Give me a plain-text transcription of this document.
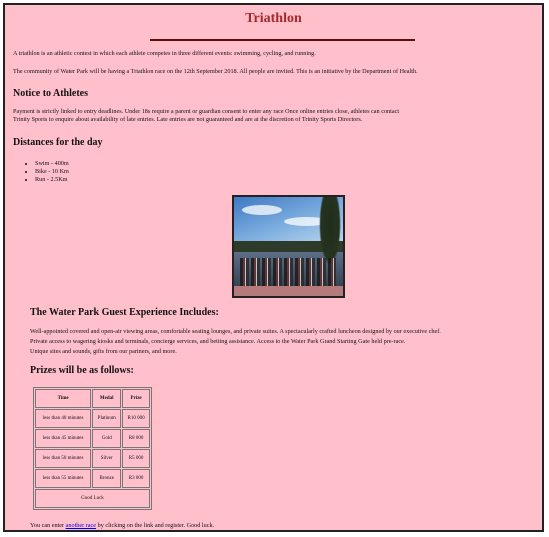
Triathlon
A triathlon is an athletic contest in which each athlete competes in three different events: swimming, cycling, and running.
The community of Water Park will be having a Triathlon race on the 12th September 2018. All people are invited. This is an initiative by the Department of Health.
Notice to Athletes
Payment is strictly linked to entry deadlines. Under 18s require a parent or guardian consent to enter any race Once online entries close, athletes can contact
Trinity Sports to enquire about availability of late entries. Late entries are not guaranteed and are at the discretion of Trinity Sports Directors.
Distances for the day
• Swim - 400m
• Bike - 10 Km
• Run - 2.5Km
The Water Park Guest Experience Includes:
Well-appointed covered and open-air viewing areas, comfortable seating lounges, and private suites. A spectacularly crafted luncheon designed by our executive chef.
Private access to wagering kiosks and terminals, concierge services, and betting assistance. Access to the Water Park Grand Starting Gate held pre-race.
Unique sites and sounds, gifts from our partners, and more.
Prizes will be as follows:
Time	Medal	Prize
less than 40 minutes	Platinum	R10 000
less than 45 minutes	Gold	R8 000
less than 50 minutes	Silver	R5 000
less than 55 minutes	Bronze	R3 000
Good Luck		
You can enter another race by clicking on the link and register. Good luck.
